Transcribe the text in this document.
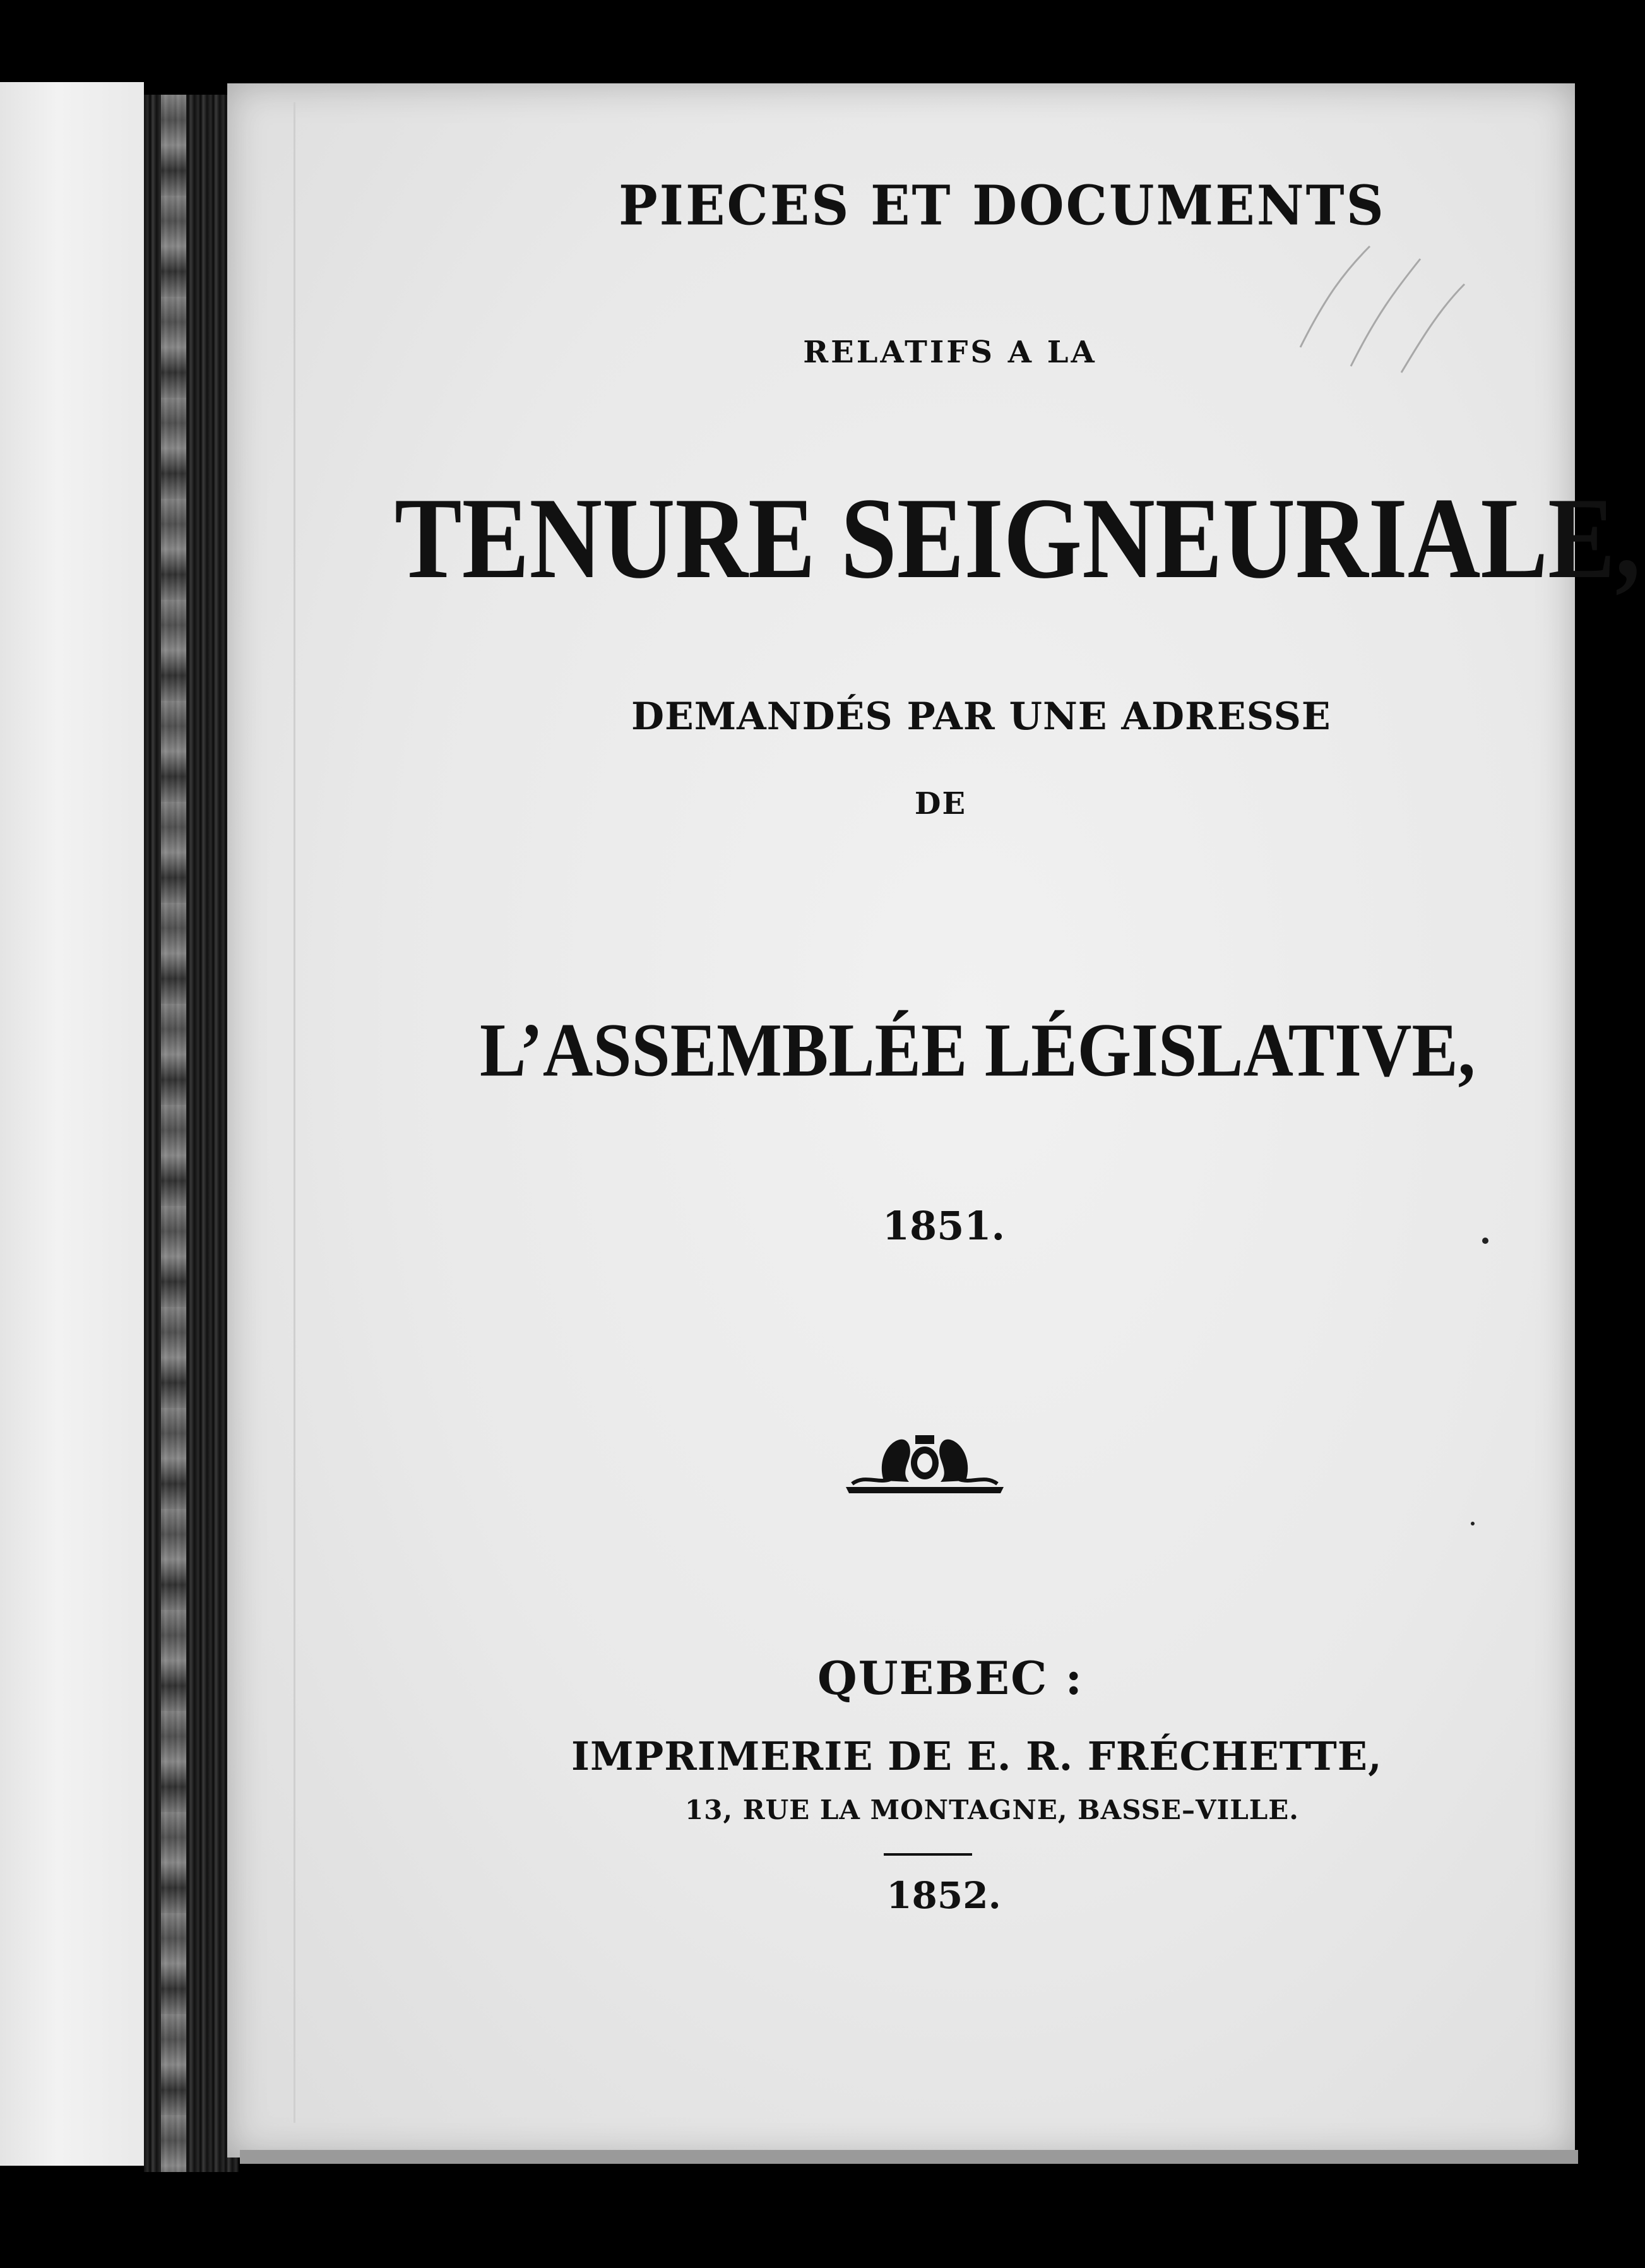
PIECES ET DOCUMENTS
RELATIFS A LA
TENURE SEIGNEURIALE,
DEMANDÉS PAR UNE ADRESSE
DE
L’ASSEMBLÉE LÉGISLATIVE,
1851.
QUEBEC :
IMPRIMERIE DE E. R. FRÉCHETTE,
13, RUE LA MONTAGNE, BASSE–VILLE.
1852.
